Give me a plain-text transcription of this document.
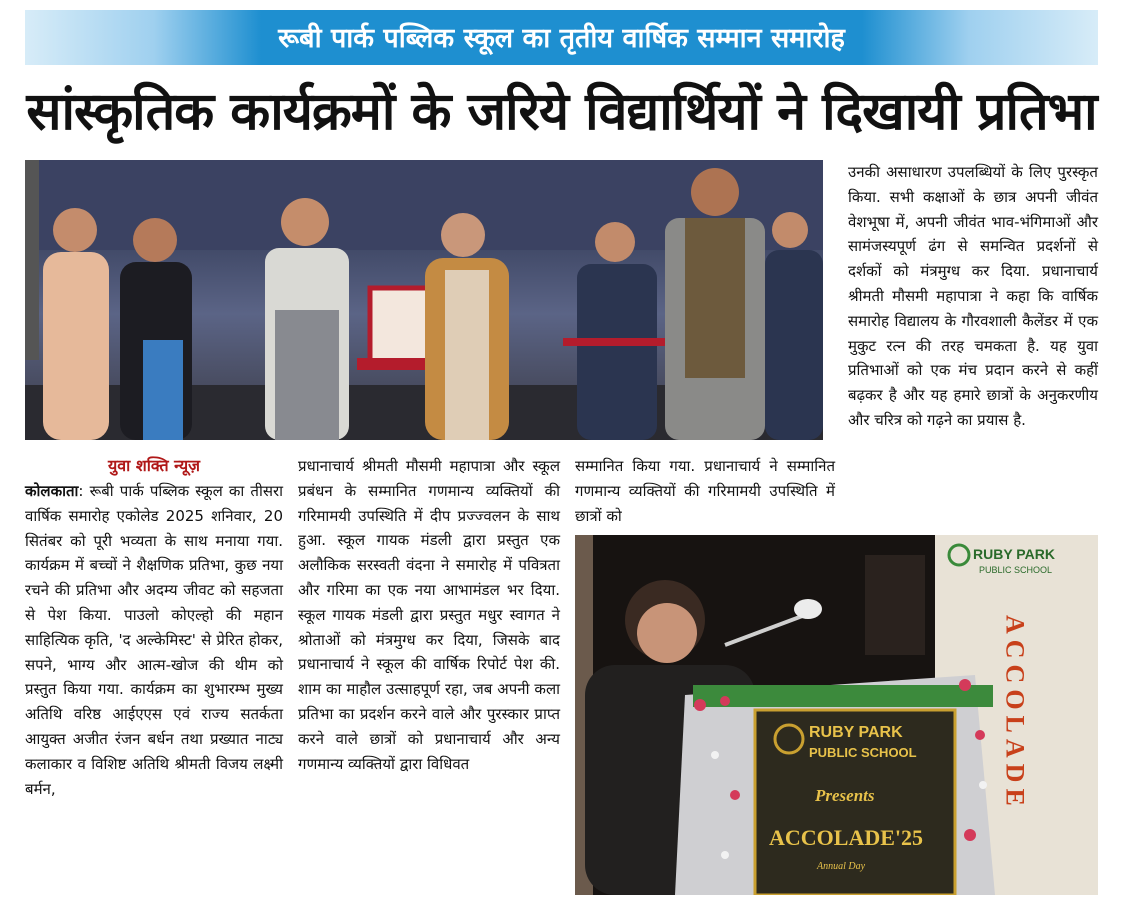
रूबी पार्क पब्लिक स्कूल का तृतीय वार्षिक सम्मान समारोह
सांस्कृतिक कार्यक्रमों के जरिये विद्यार्थियों ने दिखायी प्रतिभा
युवा शक्ति न्यूज़

कोलकाता: रूबी पार्क पब्लिक स्कूल का तीसरा वार्षिक समारोह एकोलेड 2025 शनिवार, 20 सितंबर को पूरी भव्यता के साथ मनाया गया. कार्यक्रम में बच्चों ने शैक्षणिक प्रतिभा, कुछ नया रचने की प्रतिभा और अदम्य जीवट को सहजता से पेश किया. पाउलो कोएल्हो की महान साहित्यिक कृति, 'द अल्केमिस्ट' से प्रेरित होकर, सपने, भाग्य और आत्म-खोज की थीम को प्रस्तुत किया गया. कार्यक्रम का शुभारम्भ मुख्य अतिथि वरिष्ठ आईएएस एवं राज्य सतर्कता आयुक्त अजीत रंजन बर्धन तथा प्रख्यात नाट्य कलाकार व विशिष्ट अतिथि श्रीमती विजय लक्ष्मी बर्मन,

प्रधानाचार्य श्रीमती मौसमी महापात्रा और स्कूल प्रबंधन के सम्मानित गणमान्य व्यक्तियों की गरिमामयी उपस्थिति में दीप प्रज्ज्वलन के साथ हुआ. स्कूल गायक मंडली द्वारा प्रस्तुत एक अलौकिक सरस्वती वंदना ने समारोह में पवित्रता और गरिमा का एक नया आभामंडल भर दिया. स्कूल गायक मंडली द्वारा प्रस्तुत मधुर स्वागत ने श्रोताओं को मंत्रमुग्ध कर दिया, जिसके बाद प्रधानाचार्य ने स्कूल की वार्षिक रिपोर्ट पेश की. शाम का माहौल उत्साहपूर्ण रहा, जब अपनी कला प्रतिभा का प्रदर्शन करने वाले और पुरस्कार प्राप्त करने वाले छात्रों को प्रधानाचार्य और अन्य गणमान्य व्यक्तियों द्वारा विधिवत

सम्मानित किया गया. प्रधानाचार्य ने सम्मानित गणमान्य व्यक्तियों की गरिमामयी उपस्थिति में छात्रों को

उनकी असाधारण उपलब्धियों के लिए पुरस्कृत किया. सभी कक्षाओं के छात्र अपनी जीवंत वेशभूषा में, अपनी जीवंत भाव-भंगिमाओं और सामंजस्यपूर्ण ढंग से समन्वित प्रदर्शनों से दर्शकों को मंत्रमुग्ध कर दिया. प्रधानाचार्य श्रीमती मौसमी महापात्रा ने कहा कि वार्षिक समारोह विद्यालय के गौरवशाली कैलेंडर में एक मुकुट रत्न की तरह चमकता है. यह युवा प्रतिभाओं को एक मंच प्रदान करने से कहीं बढ़कर है और यह हमारे छात्रों के अनुकरणीय और चरित्र को गढ़ने का प्रयास है.

RUBY PARK
PUBLIC SCHOOL
ACCOLADE
RUBY PARK
PUBLIC SCHOOL
Presents
ACCOLADE'25
Annual Day
